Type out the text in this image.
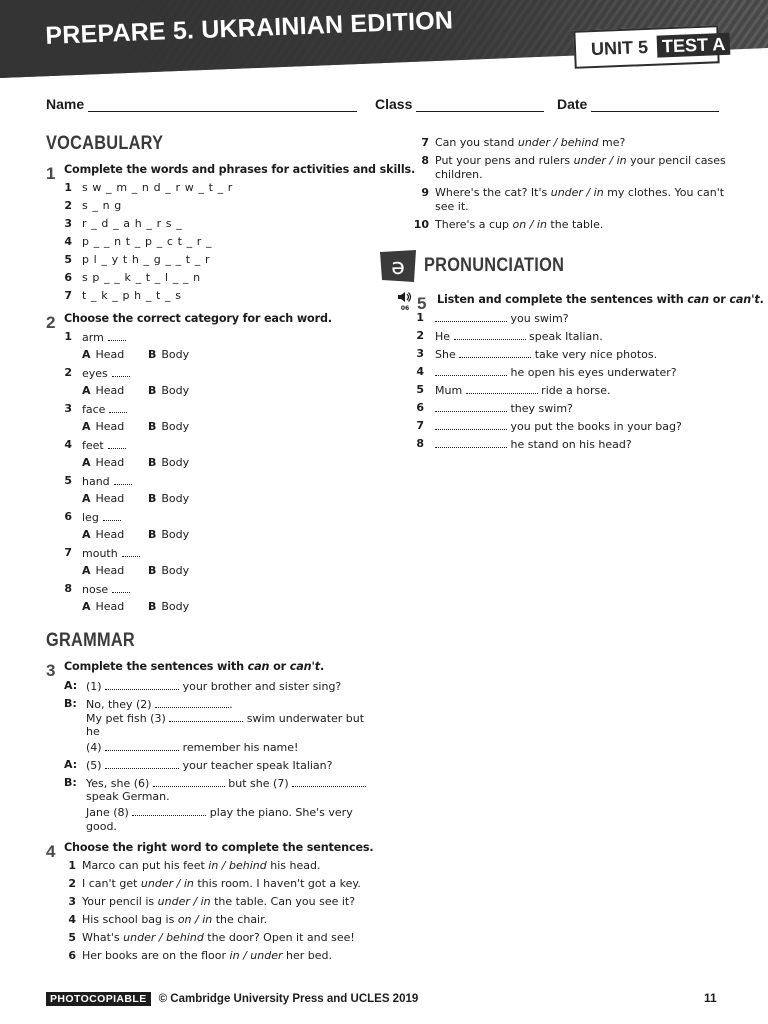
PREPARE 5. UKRAINIAN EDITION	UNIT 5 TEST A
Name	Class	Date
VOCABULARY
1 Complete the words and phrases for activities and skills.
1 s w _ m _ n d _ r w _ t _ r
2 s _ n g
3 r _ d _ a h _ r s _
4 p _ _ n t _ p _ c t _ r _
5 p l _ y t h _ g _ _ t _ r
6 s p _ _ k _ t _ l _ _ n
7 t _ k _ p h _ t _ s
2 Choose the correct category for each word.
1 arm
A Head B Body
2 eyes
A Head B Body
3 face
A Head B Body
4 feet
A Head B Body
5 hand
A Head B Body
6 leg
A Head B Body
7 mouth
A Head B Body
8 nose
A Head B Body
GRAMMAR
3 Complete the sentences with can or can't.
A: (1)	your brother and sister sing?
B: No, they (2)	.
My pet fish (3)	swim underwater but
he
(4)	remember his name!
A: (5)	your teacher speak Italian?
B: Yes, she (6)	but she (7)
speak German.
Jane (8)	play the piano. She's very
good.
4 Choose the right word to complete the sentences.
1 Marco can put his feet in / behind his head.
2 I can't get under / in this room. I haven't got a key.
3 Your pencil is under / in the table. Can you see it?
4 His school bag is on / in the chair.
5 What's under / behind the door? Open it and see!
6 Her books are on the floor in / under her bed.
7 Can you stand under / behind me?
8 Put your pens and rulers under / in your pencil cases
children.
9 Where's the cat? It's under / in my clothes. You can't
see it.
10 There's a cup on / in the table.
ə PRONUNCIATION
06 5 Listen and complete the sentences with can or can't.
1	you swim?
2 He	speak Italian.
3 She	take very nice photos.
4	he open his eyes underwater?
5 Mum	ride a horse.
6	they swim?
7	you put the books in your bag?
8	he stand on his head?
PHOTOCOPIABLE	© Cambridge University Press and UCLES 2019	11
